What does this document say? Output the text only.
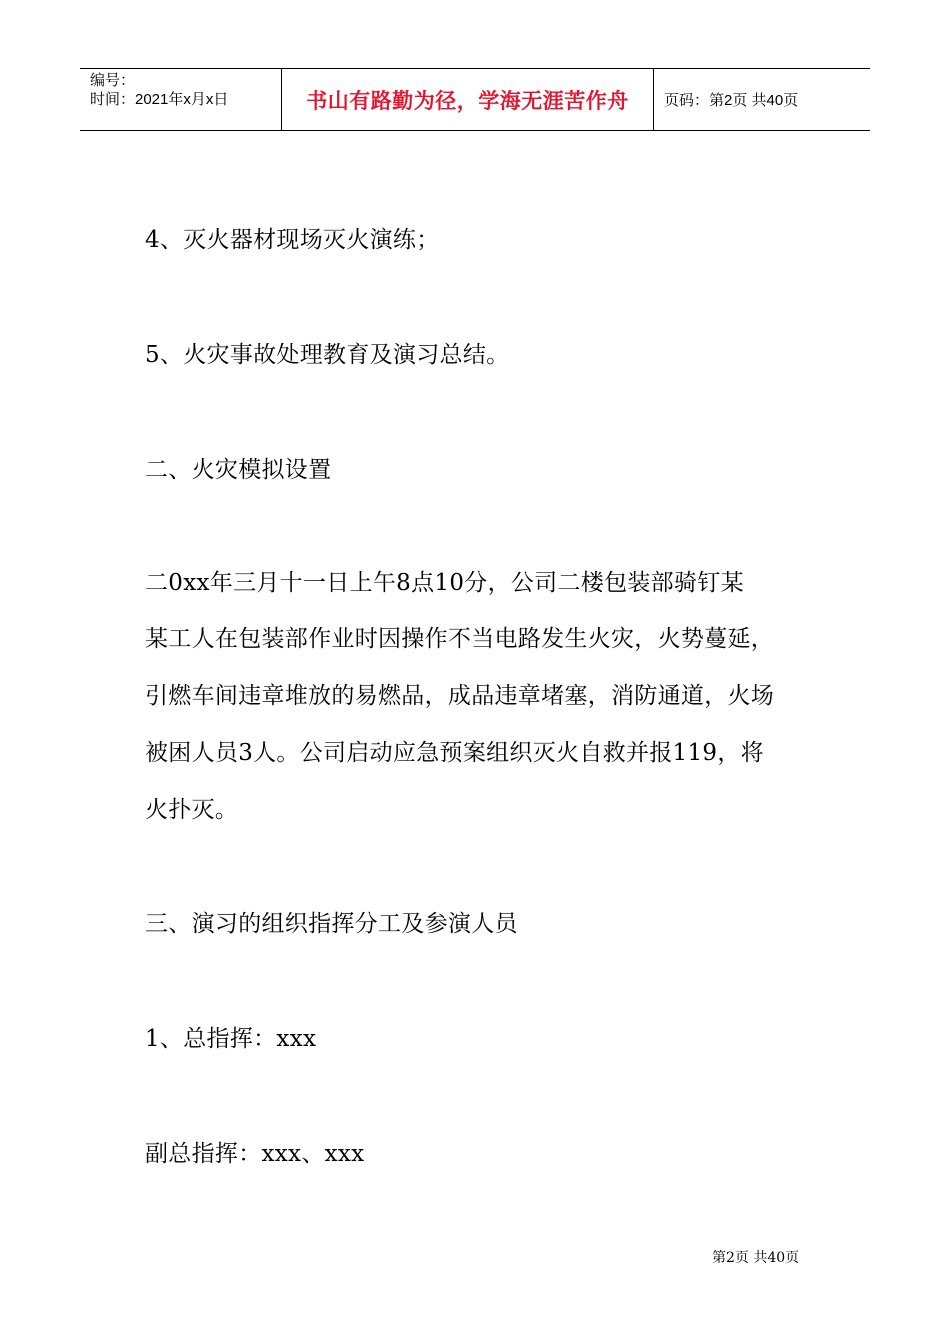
编号：
时间：2021年x月x日	书山有路勤为径，学海无涯苦作舟	页码：第2页 共40页
4、灭火器材现场灭火演练；
5、火灾事故处理教育及演习总结。
二、火灾模拟设置
二0xx年三月十一日上午8点10分，公司二楼包装部骑钉某
某工人在包装部作业时因操作不当电路发生火灾，火势蔓延，
引燃车间违章堆放的易燃品，成品违章堵塞，消防通道，火场
被困人员3人。公司启动应急预案组织灭火自救并报119，将
火扑灭。
三、演习的组织指挥分工及参演人员
1、总指挥：xxx
副总指挥：xxx、xxx
第2页 共40页
